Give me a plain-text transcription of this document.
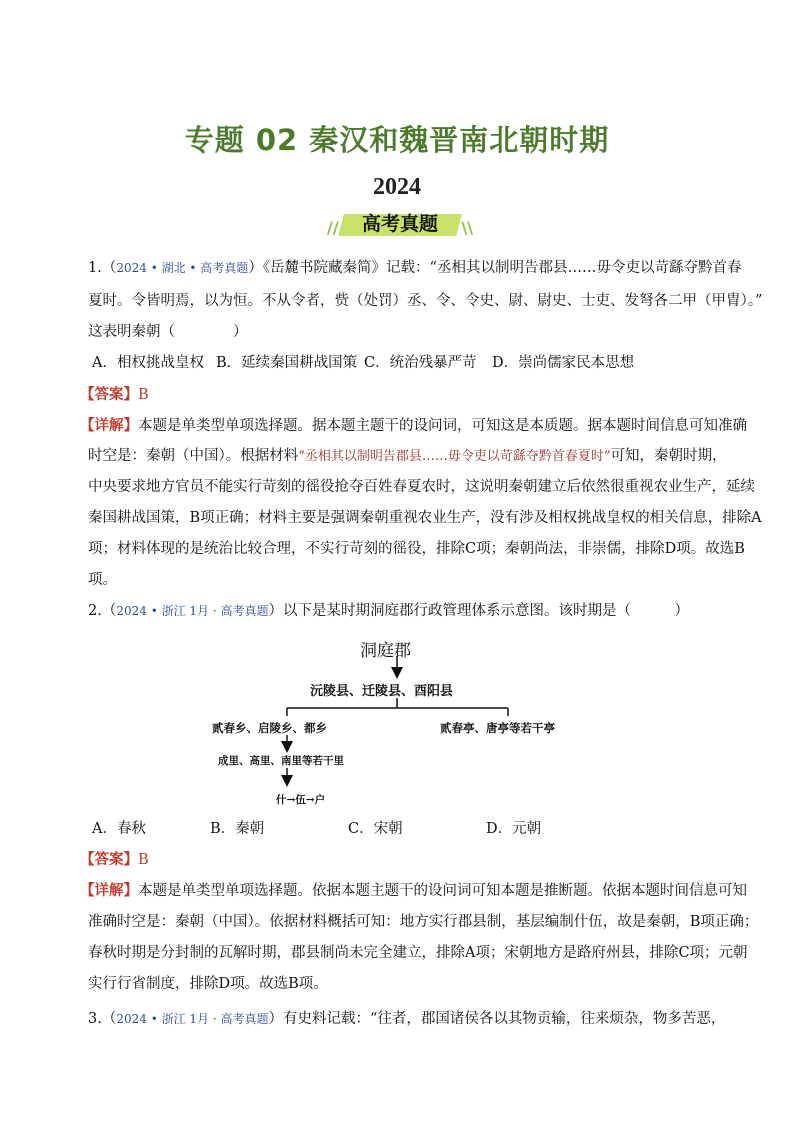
专题 02 秦汉和魏晋南北朝时期
2024
//	高考真题	\\
1.（2024 • 湖北 • 高考真题）《岳麓书院藏秦简》记载：“丞相其以制明告郡县……毋令吏以苛繇夺黔首春
夏时。令皆明焉，以为恒。不从令者，赀（处罚）丞、令、令史、尉、尉史、士吏、发弩各二甲（甲胄）。”
这表明秦朝（　　　　）
A．相权挑战皇权 B．延续秦国耕战国策 C．统治残暴严苛 D．崇尚儒家民本思想
【答案】B
【详解】本题是单类型单项选择题。据本题主题干的设问词，可知这是本质题。据本题时间信息可知准确
时空是：秦朝（中国）。根据材料“丞相其以制明告郡县……毋令吏以苛繇夺黔首春夏时”可知，秦朝时期，
中央要求地方官员不能实行苛刻的徭役抢夺百姓春夏农时，这说明秦朝建立后依然很重视农业生产，延续
秦国耕战国策，B项正确；材料主要是强调秦朝重视农业生产，没有涉及相权挑战皇权的相关信息，排除A
项；材料体现的是统治比较合理，不实行苛刻的徭役，排除C项；秦朝尚法，非崇儒，排除D项。故选B
项。
2.（2024 • 浙江 1月 · 高考真题）以下是某时期洞庭郡行政管理体系示意图。该时期是（　　　）
洞庭郡
沅陵县、迁陵县、酉阳县
贰春乡、启陵乡、都乡	贰春亭、唐亭等若干亭
成里、高里、南里等若干里
什→伍→户
A．春秋	B．秦朝	C．宋朝	D．元朝
【答案】B
【详解】本题是单类型单项选择题。依据本题主题干的设问词可知本题是推断题。依据本题时间信息可知
准确时空是：秦朝（中国）。依据材料概括可知：地方实行郡县制，基层编制什伍，故是秦朝，B项正确；
春秋时期是分封制的瓦解时期，郡县制尚未完全建立，排除A项；宋朝地方是路府州县，排除C项；元朝
实行行省制度，排除D项。故选B项。
3.（2024 • 浙江 1月 · 高考真题）有史料记载：“往者，郡国诸侯各以其物贡输，往来烦杂，物多苦恶，
